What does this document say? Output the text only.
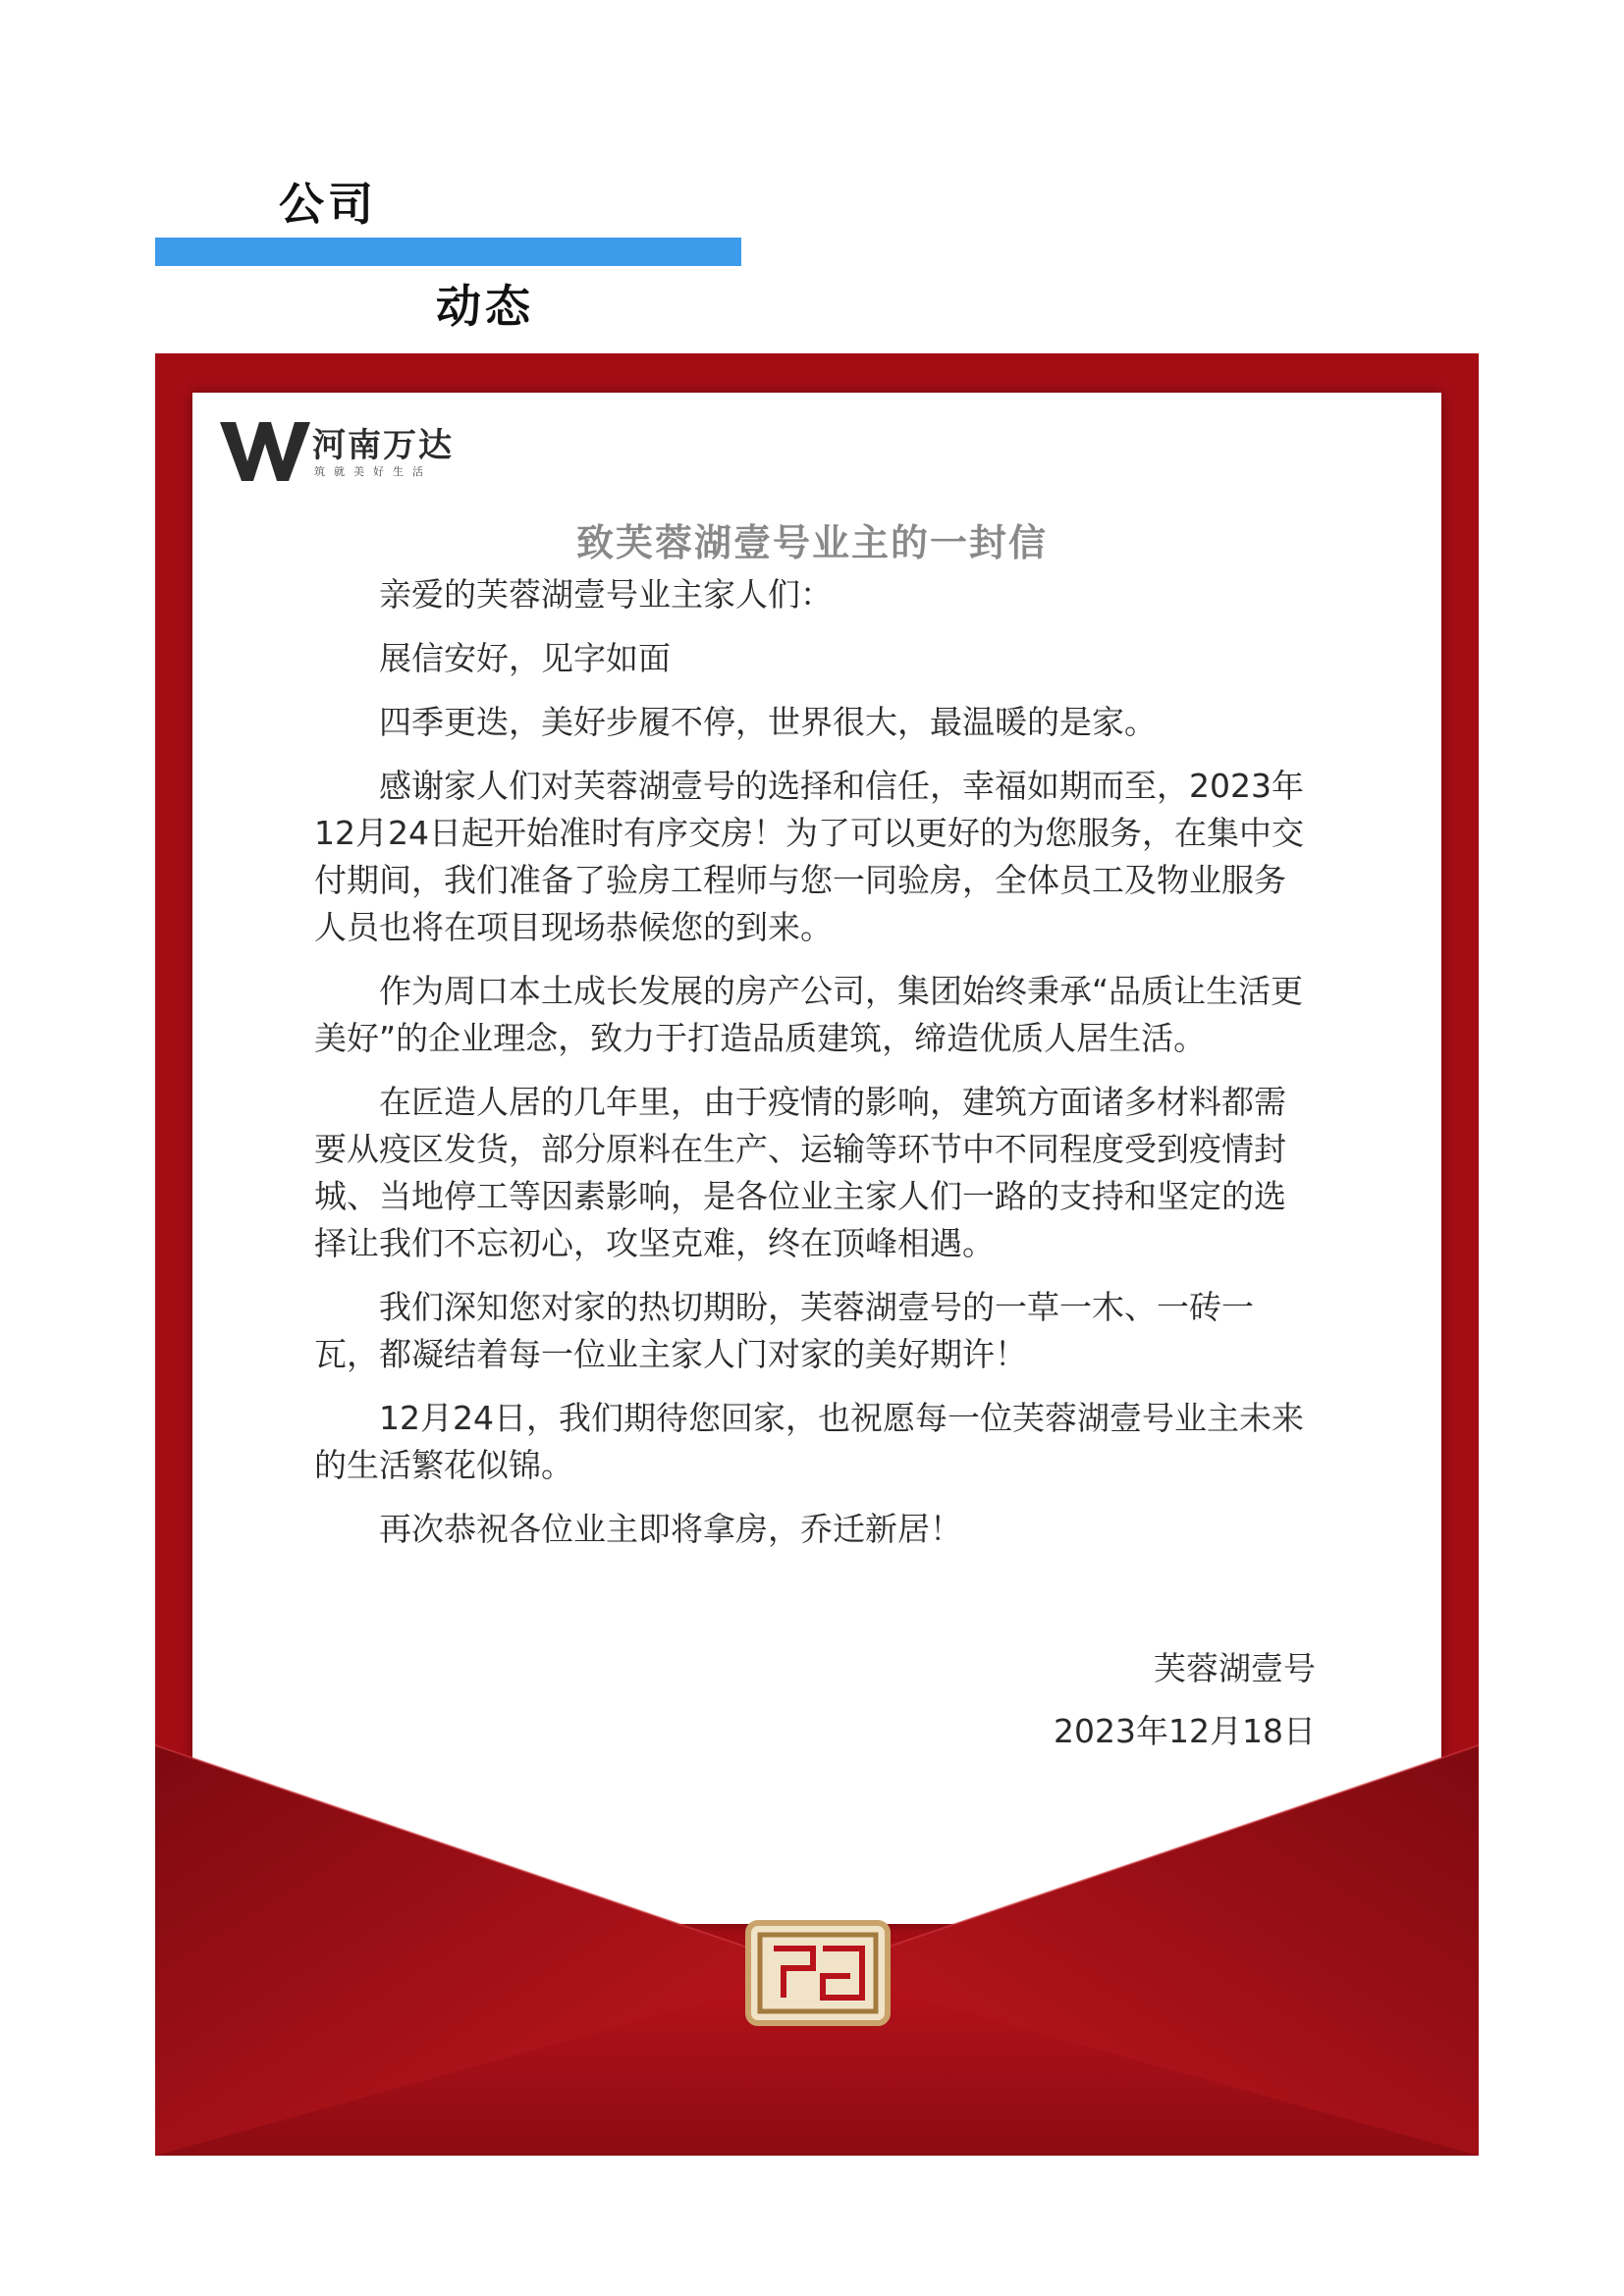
公司
动态
河南万达
筑就美好生活
致芙蓉湖壹号业主的一封信

亲爱的芙蓉湖壹号业主家人们：

展信安好，见字如面

四季更迭，美好步履不停，世界很大，最温暖的是家。

感谢家人们对芙蓉湖壹号的选择和信任，幸福如期而至，2023年12月24日起开始准时有序交房！为了可以更好的为您服务，在集中交付期间，我们准备了验房工程师与您一同验房，全体员工及物业服务人员也将在项目现场恭候您的到来。

作为周口本土成长发展的房产公司，集团始终秉承“品质让生活更美好”的企业理念，致力于打造品质建筑，缔造优质人居生活。

在匠造人居的几年里，由于疫情的影响，建筑方面诸多材料都需要从疫区发货，部分原料在生产、运输等环节中不同程度受到疫情封城、当地停工等因素影响，是各位业主家人们一路的支持和坚定的选择让我们不忘初心，攻坚克难，终在顶峰相遇。

我们深知您对家的热切期盼，芙蓉湖壹号的一草一木、一砖一瓦，都凝结着每一位业主家人门对家的美好期许！

12月24日，我们期待您回家，也祝愿每一位芙蓉湖壹号业主未来的生活繁花似锦。

再次恭祝各位业主即将拿房，乔迁新居！

芙蓉湖壹号
2023年12月18日
